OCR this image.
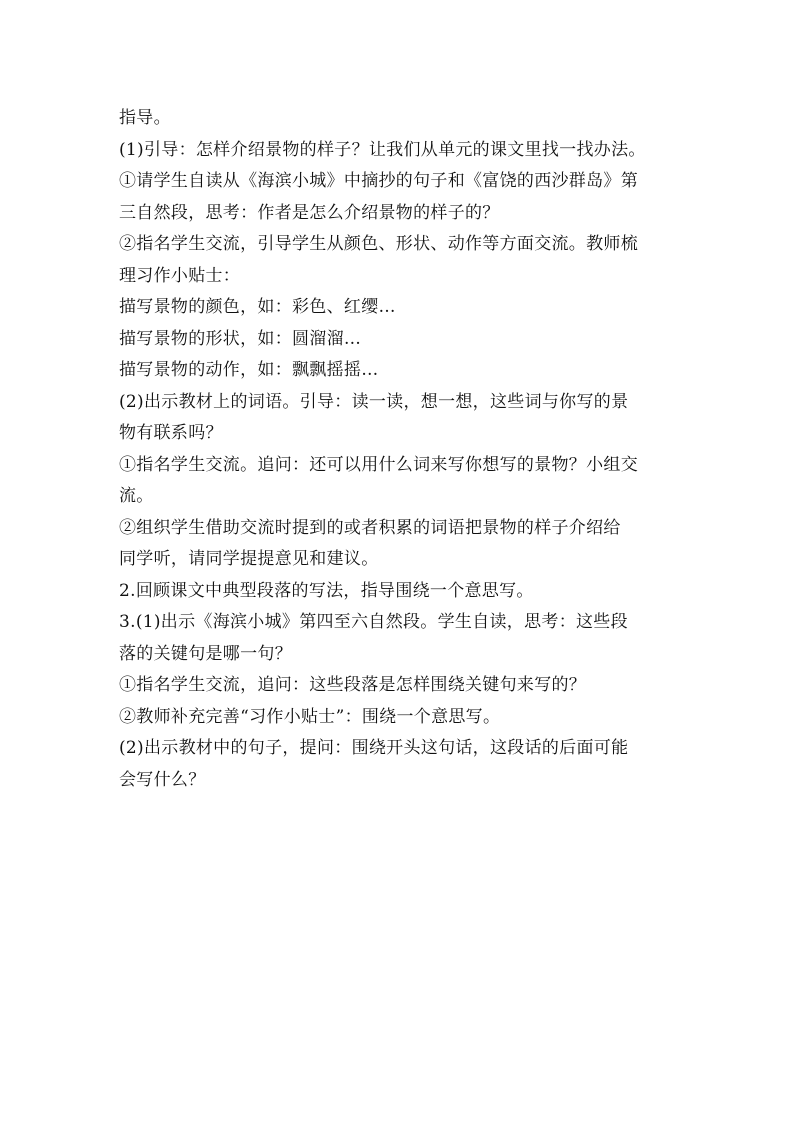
指导。
(1)引导：怎样介绍景物的样子？让我们从单元的课文里找一找办法。
①请学生自读从《海滨小城》中摘抄的句子和《富饶的西沙群岛》第
三自然段，思考：作者是怎么介绍景物的样子的？
②指名学生交流，引导学生从颜色、形状、动作等方面交流。教师梳
理习作小贴士：
描写景物的颜色，如：彩色、红缨…
描写景物的形状，如：圆溜溜…
描写景物的动作，如：飘飘摇摇…
(2)出示教材上的词语。引导：读一读，想一想，这些词与你写的景
物有联系吗？
①指名学生交流。追问：还可以用什么词来写你想写的景物？小组交
流。
②组织学生借助交流时提到的或者积累的词语把景物的样子介绍给
同学听，请同学提提意见和建议。
2.回顾课文中典型段落的写法，指导围绕一个意思写。
3.(1)出示《海滨小城》第四至六自然段。学生自读，思考：这些段
落的关键句是哪一句？
①指名学生交流，追问：这些段落是怎样围绕关键句来写的？
②教师补充完善“习作小贴士”：围绕一个意思写。
(2)出示教材中的句子，提问：围绕开头这句话，这段话的后面可能
会写什么？
